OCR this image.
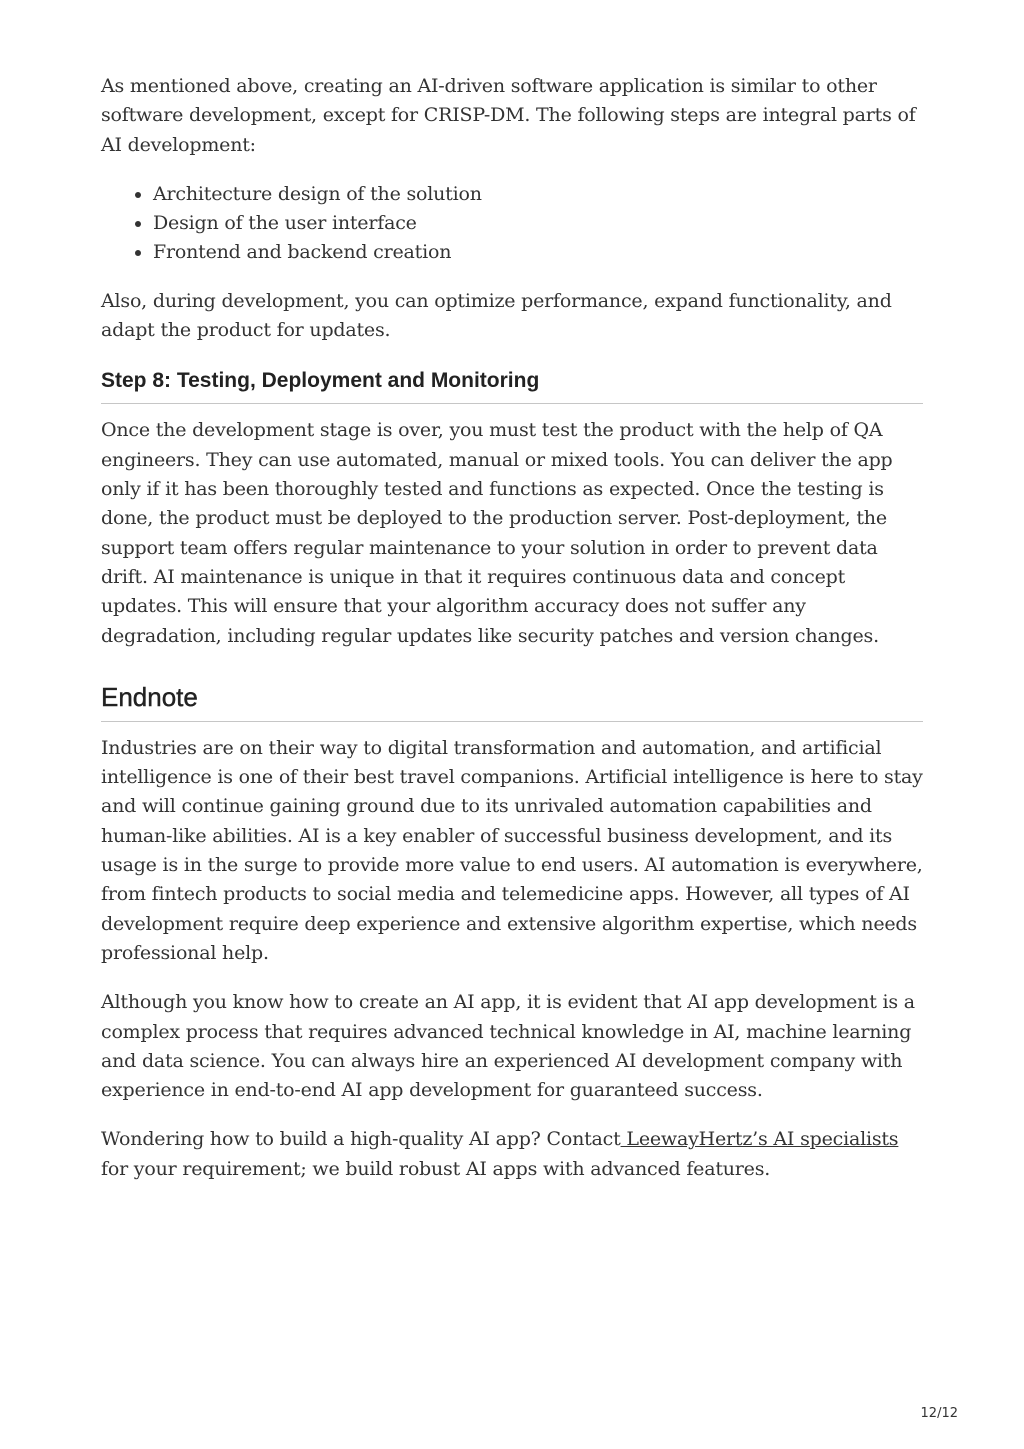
As mentioned above, creating an AI-driven software application is similar to other software development, except for CRISP-DM. The following steps are integral parts of AI development:

• Architecture design of the solution
• Design of the user interface
• Frontend and backend creation

Also, during development, you can optimize performance, expand functionality, and adapt the product for updates.

Step 8: Testing, Deployment and Monitoring

Once the development stage is over, you must test the product with the help of QA engineers. They can use automated, manual or mixed tools. You can deliver the app only if it has been thoroughly tested and functions as expected. Once the testing is done, the product must be deployed to the production server. Post-deployment, the support team offers regular maintenance to your solution in order to prevent data drift. AI maintenance is unique in that it requires continuous data and concept updates. This will ensure that your algorithm accuracy does not suffer any degradation, including regular updates like security patches and version changes.

Endnote

Industries are on their way to digital transformation and automation, and artificial intelligence is one of their best travel companions. Artificial intelligence is here to stay and will continue gaining ground due to its unrivaled automation capabilities and human-like abilities. AI is a key enabler of successful business development, and its usage is in the surge to provide more value to end users. AI automation is everywhere, from fintech products to social media and telemedicine apps. However, all types of AI development require deep experience and extensive algorithm expertise, which needs professional help.

Although you know how to create an AI app, it is evident that AI app development is a complex process that requires advanced technical knowledge in AI, machine learning and data science. You can always hire an experienced AI development company with experience in end-to-end AI app development for guaranteed success.

Wondering how to build a high-quality AI app? Contact LeewayHertz’s AI specialists for your requirement; we build robust AI apps with advanced features.

12/12
